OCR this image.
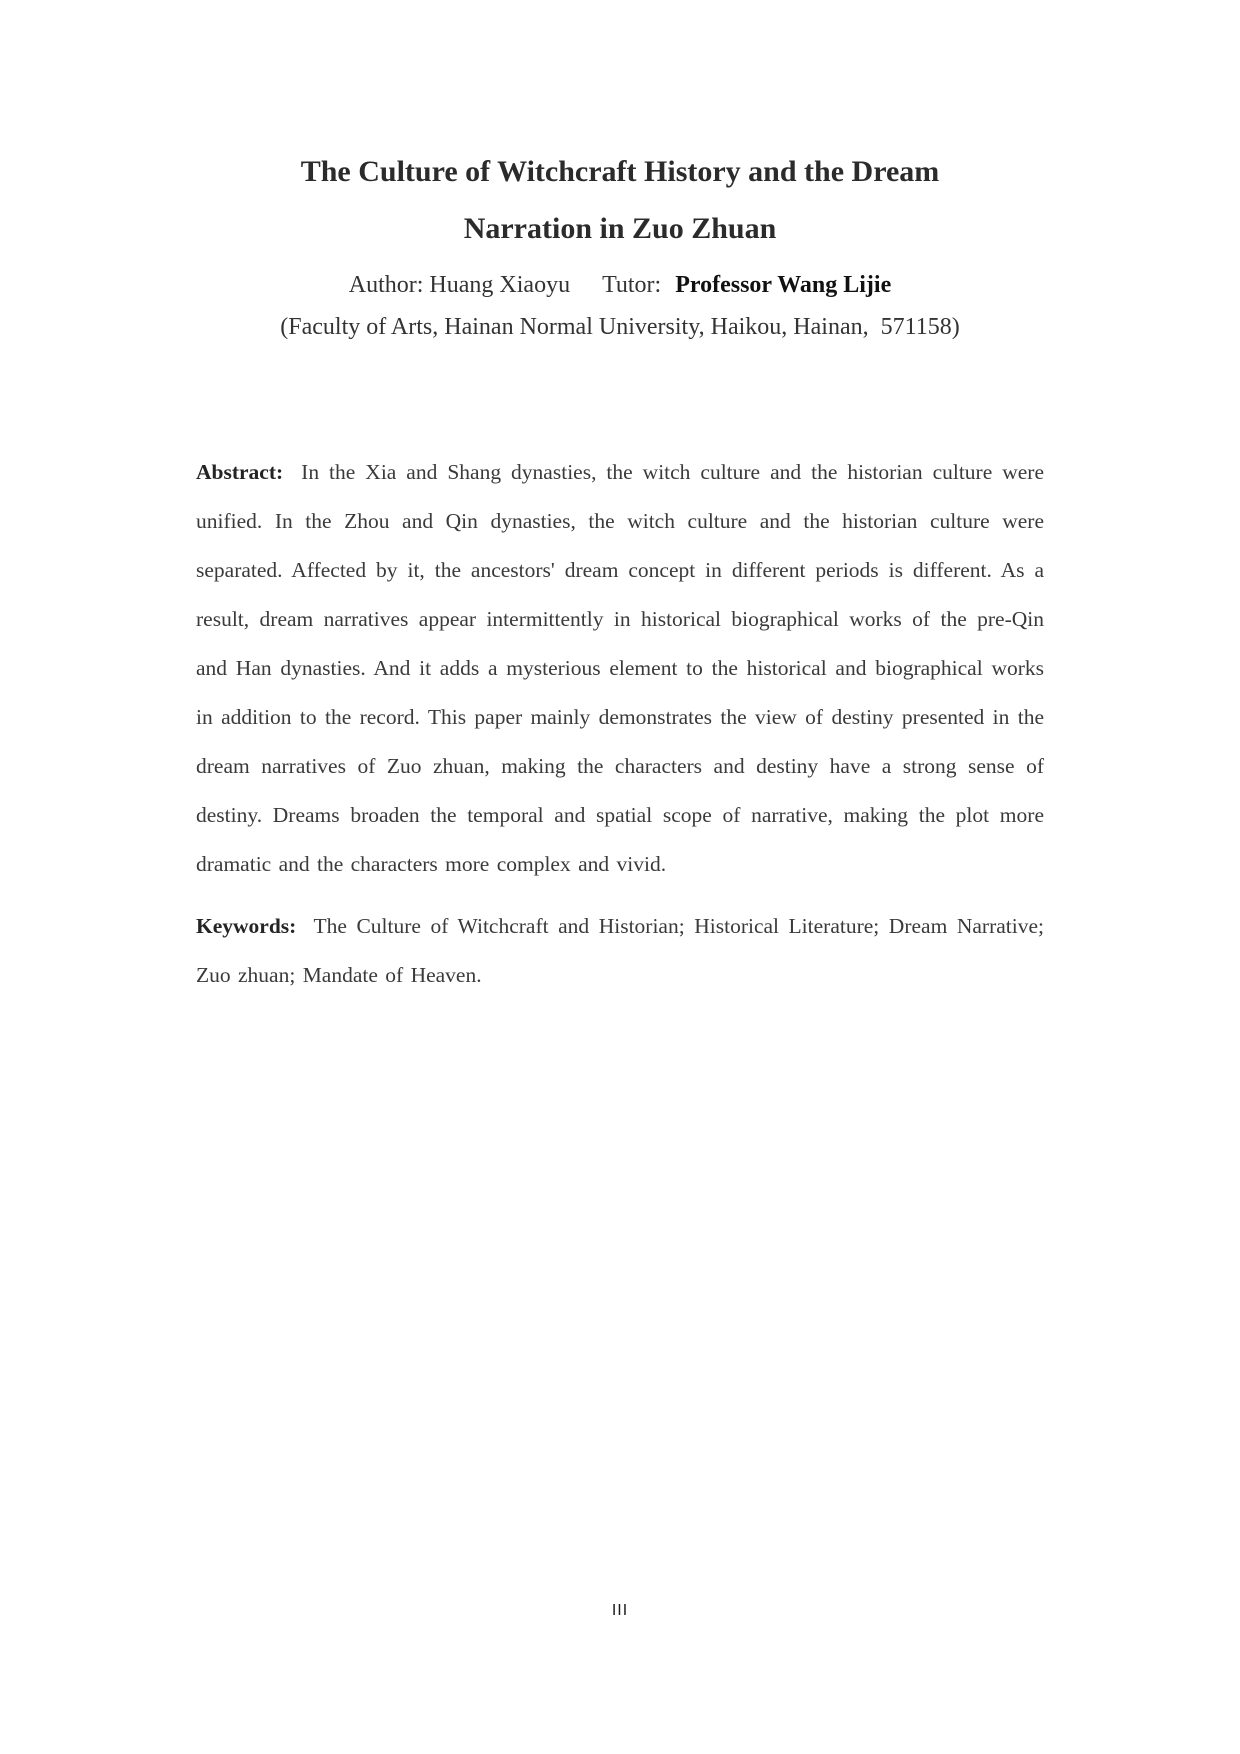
The Culture of Witchcraft History and the Dream
Narration in Zuo Zhuan

Author: Huang Xiaoyu Tutor: Professor Wang Lijie

(Faculty of Arts, Hainan Normal University, Haikou, Hainan,  571158)

Abstract: In the Xia and Shang dynasties, the witch culture and the historian culture were unified. In the Zhou and Qin dynasties, the witch culture and the historian culture were separated. Affected by it, the ancestors' dream concept in different periods is different. As a result, dream narratives appear intermittently in historical biographical works of the pre-Qin and Han dynasties. And it adds a mysterious element to the historical and biographical works in addition to the record. This paper mainly demonstrates the view of destiny presented in the dream narratives of Zuo zhuan, making the characters and destiny have a strong sense of destiny. Dreams broaden the temporal and spatial scope of narrative, making the plot more dramatic and the characters more complex and vivid.

Keywords: The Culture of Witchcraft and Historian; Historical Literature; Dream Narrative; Zuo zhuan; Mandate of Heaven.

III
